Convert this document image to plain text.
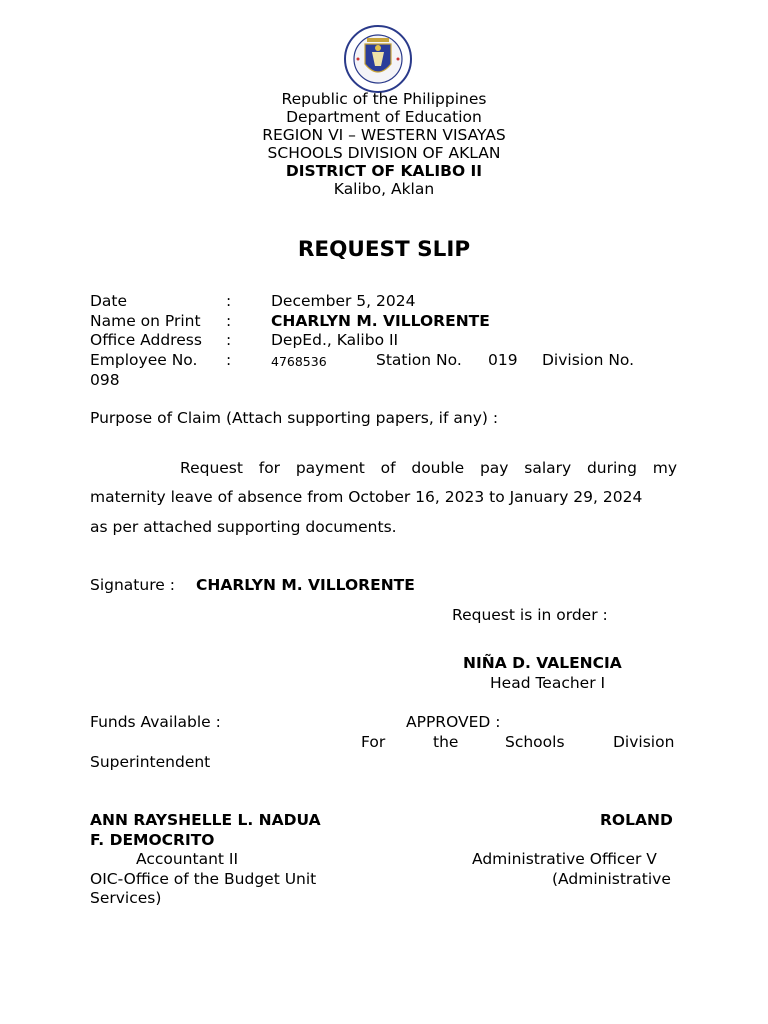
Republic of the Philippines
Department of Education
REGION VI – WESTERN VISAYAS
SCHOOLS DIVISION OF AKLAN
DISTRICT OF KALIBO II
Kalibo, Aklan
REQUEST SLIP
Date	:	December 5, 2024
Name on Print :	CHARLYN M. VILLORENTE
Office Address :	DepEd., Kalibo II
Employee No. :	4768536	Station No. 019 Division No.
098
Purpose of Claim (Attach supporting papers, if any) :
Request for payment of double pay salary during my
maternity leave of absence from October 16, 2023 to January 29, 2024
as per attached supporting documents.
Signature : CHARLYN M. VILLORENTE
Request is in order :
NIÑA D. VALENCIA
Head Teacher I
Funds Available :	APPROVED :
For	the	Schools	Division
Superintendent
ANN RAYSHELLE L. NADUA	ROLAND
F. DEMOCRITO
Accountant II	Administrative Officer V
OIC-Office of the Budget Unit	(Administrative
Services)
